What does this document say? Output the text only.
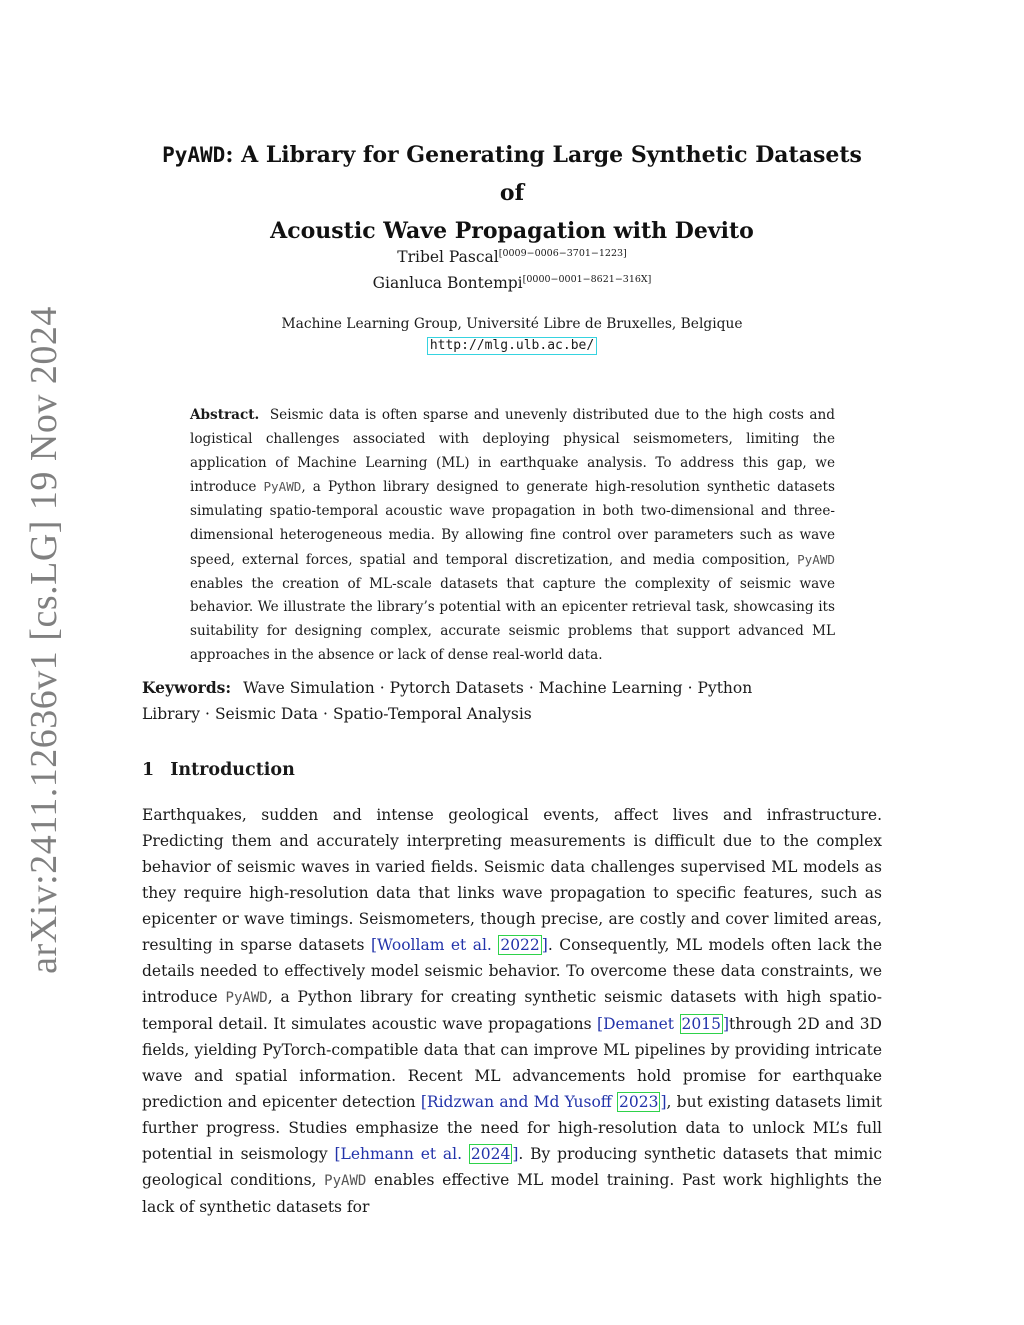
arXiv:2411.12636v1 [cs.LG] 19 Nov 2024
PyAWD: A Library for Generating Large Synthetic Datasets of
Acoustic Wave Propagation with Devito
Tribel Pascal[0009−0006−3701−1223]
Gianluca Bontempi[0000−0001−8621−316X]
Machine Learning Group, Université Libre de Bruxelles, Belgique
http://mlg.ulb.ac.be/
Abstract. Seismic data is often sparse and unevenly distributed due to the high costs and logistical challenges associated with deploying physical seismometers, limiting the application of Machine Learning (ML) in earthquake analysis. To address this gap, we introduce PyAWD, a Python library designed to generate high-resolution synthetic datasets simulating spatio-temporal acoustic wave propagation in both two-dimensional and three-dimensional heterogeneous media. By allowing fine control over parameters such as wave speed, external forces, spatial and temporal discretization, and media composition, PyAWD enables the creation of ML-scale datasets that capture the complexity of seismic wave behavior. We illustrate the library’s potential with an epicenter retrieval task, showcasing its suitability for designing complex, accurate seismic problems that support advanced ML approaches in the absence or lack of dense real-world data.
Keywords: Wave Simulation · Pytorch Datasets · Machine Learning · Python Library · Seismic Data · Spatio-Temporal Analysis
1 Introduction
Earthquakes, sudden and intense geological events, affect lives and infrastructure. Predicting them and accurately interpreting measurements is difficult due to the complex behavior of seismic waves in varied fields. Seismic data challenges supervised ML models as they require high-resolution data that links wave propagation to specific features, such as epicenter or wave timings. Seismometers, though precise, are costly and cover limited areas, resulting in sparse datasets [Woollam et al. 2022 ]. Consequently, ML models often lack the details needed to effectively model seismic behavior. To overcome these data constraints, we introduce PyAWD, a Python library for creating synthetic seismic datasets with high spatio-temporal detail. It simulates acoustic wave propagations [Demanet 2015 ]through 2D and 3D fields, yielding PyTorch-compatible data that can improve ML pipelines by providing intricate wave and spatial information. Recent ML advancements hold promise for earthquake prediction and epicenter detection [Ridzwan and Md Yusoff 2023 ], but existing datasets limit further progress. Studies emphasize the need for high-resolution data to unlock ML’s full potential in seismology [Lehmann et al. 2024 ]. By producing synthetic datasets that mimic geological conditions, PyAWD enables effective ML model training. Past work highlights the lack of synthetic datasets for
